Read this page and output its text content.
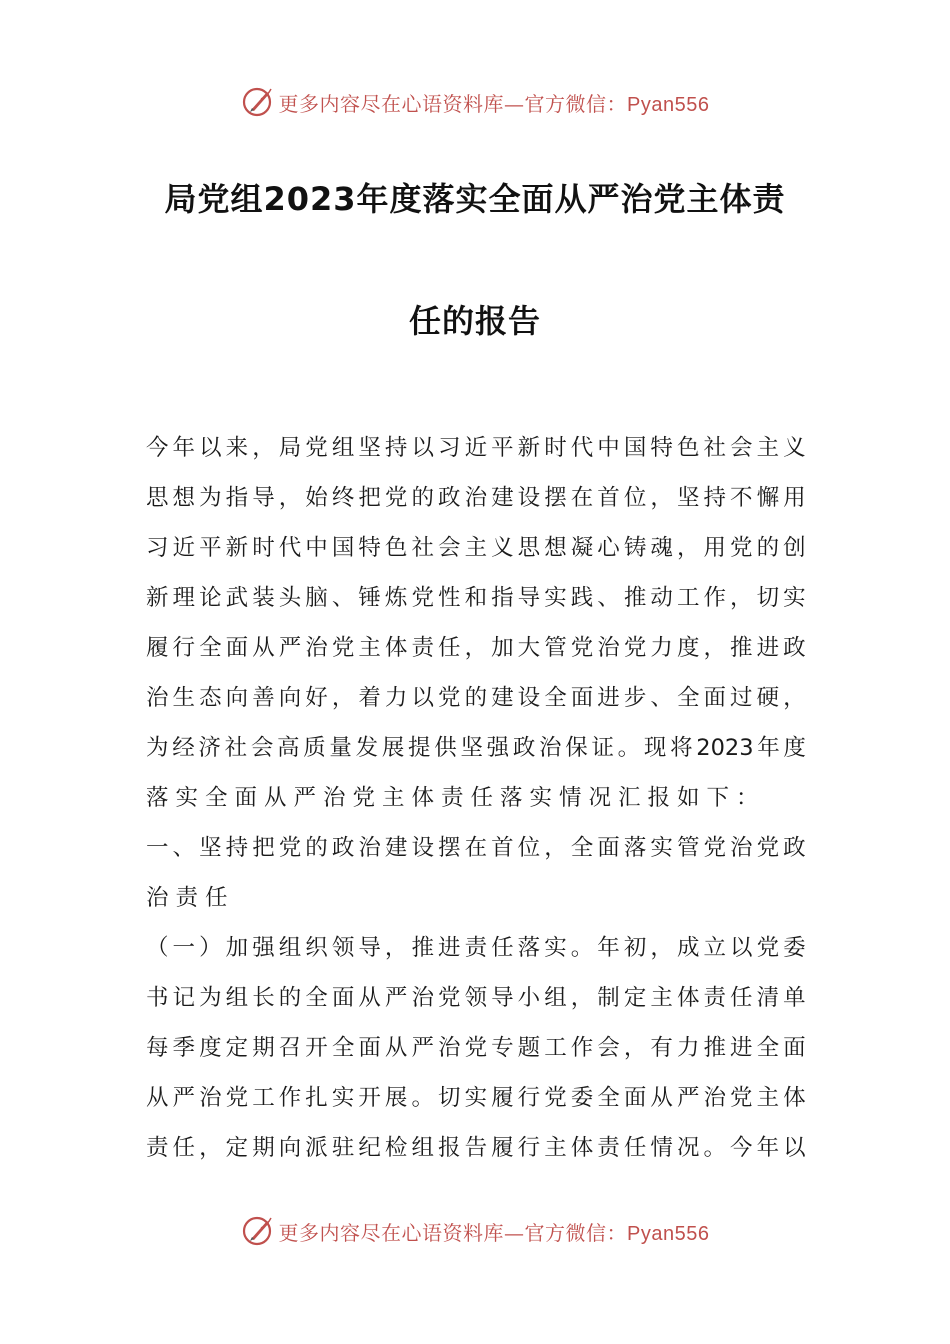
更多内容尽在心语资料库—官方微信：Pyan556
局党组2023年度落实全面从严治党主体责
任的报告
今 年 以 来 ， 局 党 组 坚 持 以 习 近 平 新 时 代 中 国 特 色 社 会 主 义
思 想 为 指 导 ， 始 终 把 党 的 政 治 建 设 摆 在 首 位 ， 坚 持 不 懈 用
习 近 平 新 时 代 中 国 特 色 社 会 主 义 思 想 凝 心 铸 魂 ， 用 党 的 创
新 理 论 武 装 头 脑 、 锤 炼 党 性 和 指 导 实 践 、 推 动 工 作 ， 切 实
履 行 全 面 从 严 治 党 主 体 责 任 ， 加 大 管 党 治 党 力 度 ， 推 进 政
治 生 态 向 善 向 好 ， 着 力 以 党 的 建 设 全 面 进 步 、 全 面 过 硬 ，
为 经 济 社 会 高 质 量 发 展 提 供 坚 强 政 治 保 证 。 现 将 2023 年 度
落实全面从严治党主体责任落实情况汇报如下：
一 、 坚 持 把 党 的 政 治 建 设 摆 在 首 位 ， 全 面 落 实 管 党 治 党 政
治责任
（ 一 ） 加 强 组 织 领 导 ， 推 进 责 任 落 实 。 年 初 ， 成 立 以 党 委
书 记 为 组 长 的 全 面 从 严 治 党 领 导 小 组 ， 制 定 主 体 责 任 清 单
每 季 度 定 期 召 开 全 面 从 严 治 党 专 题 工 作 会 ， 有 力 推 进 全 面
从 严 治 党 工 作 扎 实 开 展 。 切 实 履 行 党 委 全 面 从 严 治 党 主 体
责 任 ， 定 期 向 派 驻 纪 检 组 报 告 履 行 主 体 责 任 情 况 。 今 年 以
更多内容尽在心语资料库—官方微信：Pyan556
